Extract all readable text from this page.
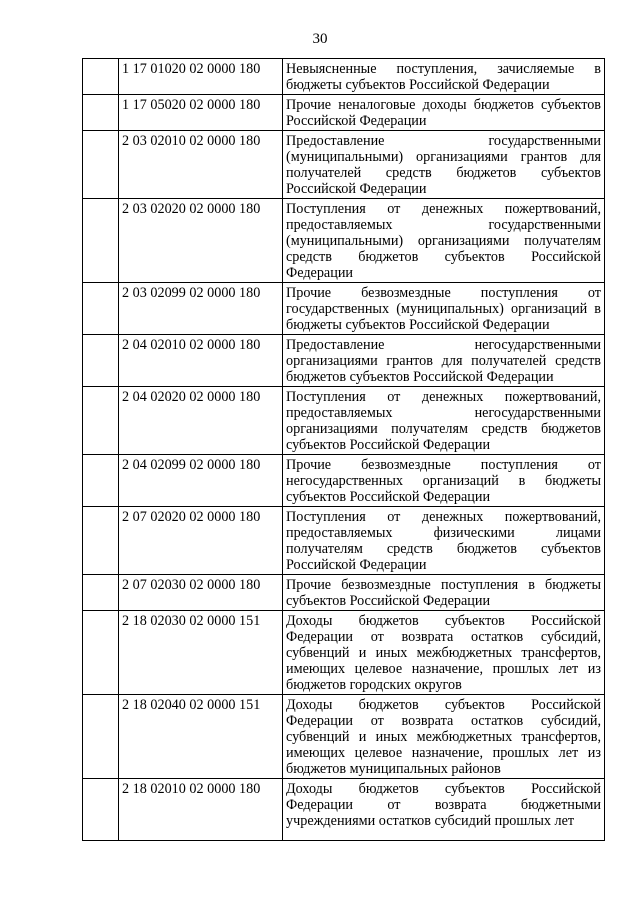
30
	1 17 01020 02 0000 180	Невыясненные поступления, зачисляемые в бюджеты субъектов Российской Федерации
	1 17 05020 02 0000 180	Прочие неналоговые доходы бюджетов субъектов Российской Федерации
	2 03 02010 02 0000 180	Предоставление государственными (муниципальными) организациями грантов для получателей средств бюджетов субъектов Российской Федерации
	2 03 02020 02 0000 180	Поступления от денежных пожертвований, предоставляемых государственными (муниципальными) организациями получателям средств бюджетов субъектов Российской Федерации
	2 03 02099 02 0000 180	Прочие безвозмездные поступления от государственных (муниципальных) организаций в бюджеты субъектов Российской Федерации
	2 04 02010 02 0000 180	Предоставление негосударственными организациями грантов для получателей средств бюджетов субъектов Российской Федерации
	2 04 02020 02 0000 180	Поступления от денежных пожертвований, предоставляемых негосударственными организациями получателям средств бюджетов субъектов Российской Федерации
	2 04 02099 02 0000 180	Прочие безвозмездные поступления от негосударственных организаций в бюджеты субъектов Российской Федерации
	2 07 02020 02 0000 180	Поступления от денежных пожертвований, предоставляемых физическими лицами получателям средств бюджетов субъектов Российской Федерации
	2 07 02030 02 0000 180	Прочие безвозмездные поступления в бюджеты субъектов Российской Федерации
	2 18 02030 02 0000 151	Доходы бюджетов субъектов Российской Федерации от возврата остатков субсидий, субвенций и иных межбюджетных трансфертов, имеющих целевое назначение, прошлых лет из бюджетов городских округов
	2 18 02040 02 0000 151	Доходы бюджетов субъектов Российской Федерации от возврата остатков субсидий, субвенций и иных межбюджетных трансфертов, имеющих целевое назначение, прошлых лет из бюджетов муниципальных районов
	2 18 02010 02 0000 180	Доходы бюджетов субъектов Российской Федерации от возврата бюджетными учреждениями остатков субсидий прошлых лет
